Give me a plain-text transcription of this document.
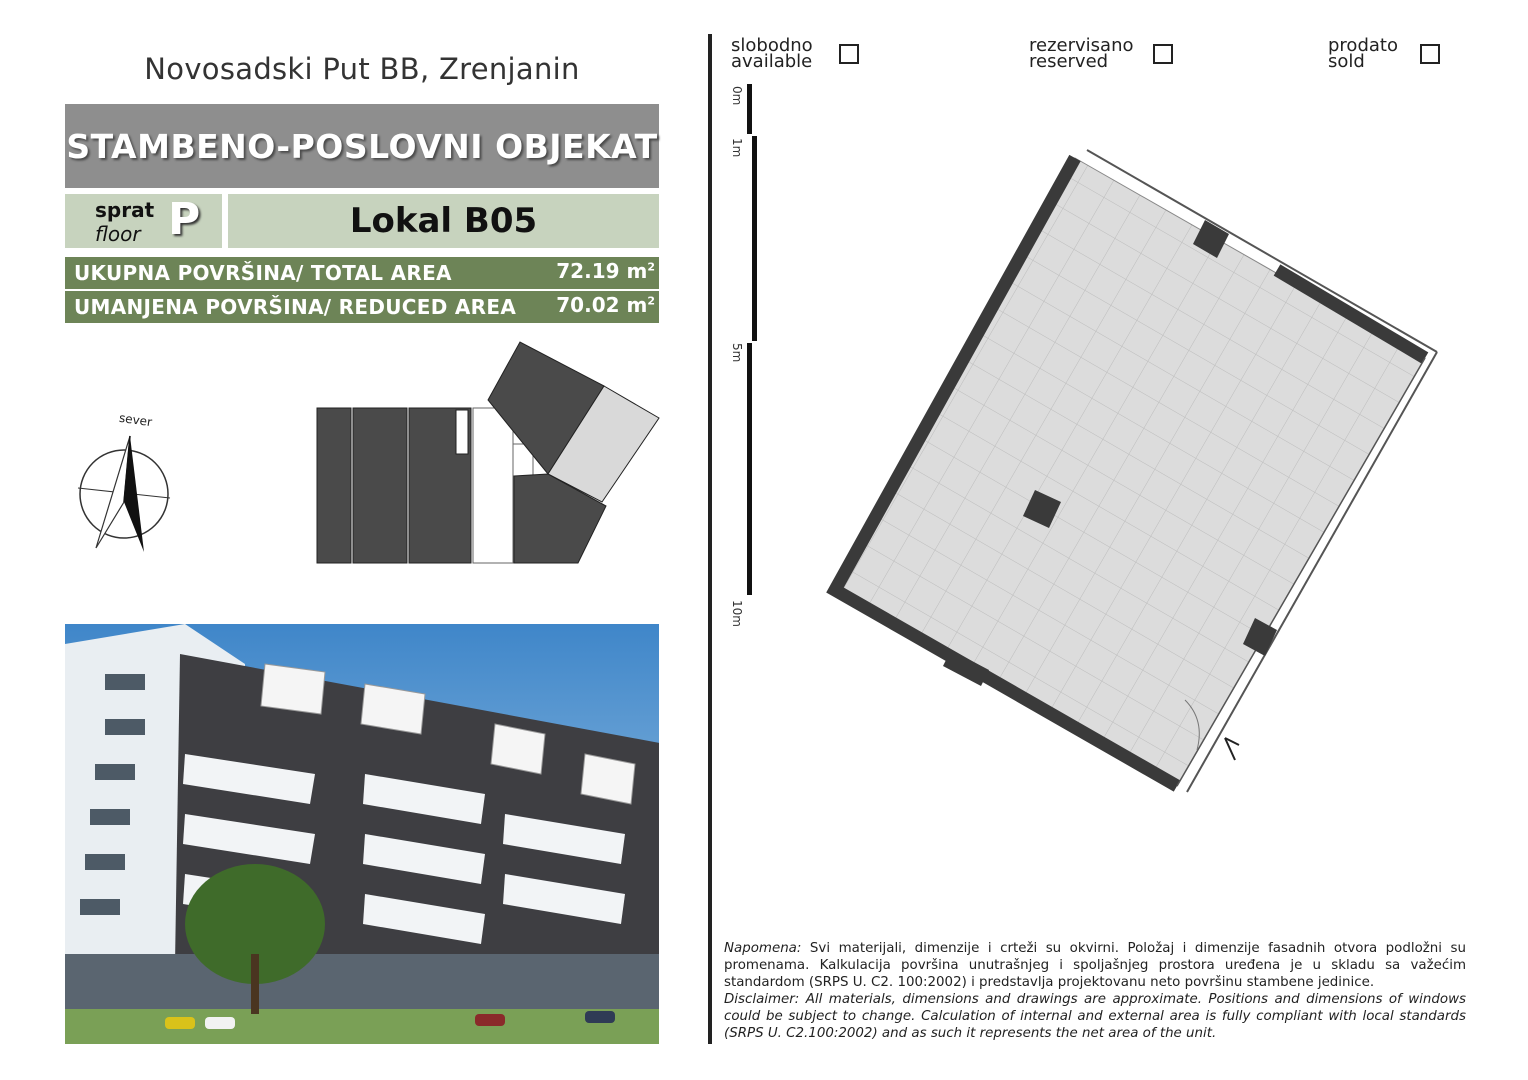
Novosadski Put BB, Zrenjanin
STAMBENO-POSLOVNI OBJEKAT
sprat
floor P	Lokal B05
UKUPNA POVRŠINA/ TOTAL AREA	72.19 $m^2$
UMANJENA POVRŠINA/ REDUCED AREA 70.02 $m^2$
sever
slobodno
available
rezervisano
reserved
prodato
sold
0m
1m
5m
10m
Napomena: Svi materijali, dimenzije i crteži su okvirni. Položaj i dimenzije fasadnih otvora podložni su promenama. Kalkulacija površina unutrašnjeg i spoljašnjeg prostora uređena je u skladu sa važećim standardom (SRPS U. C2. 100:2002) i predstavlja projektovanu neto površinu stambene jedinice.
Disclaimer: All materials, dimensions and drawings are approximate. Positions and dimensions of windows could be subject to change. Calculation of internal and external area is fully compliant with local standards (SRPS U. C2.100:2002) and as such it represents the net area of the unit.
